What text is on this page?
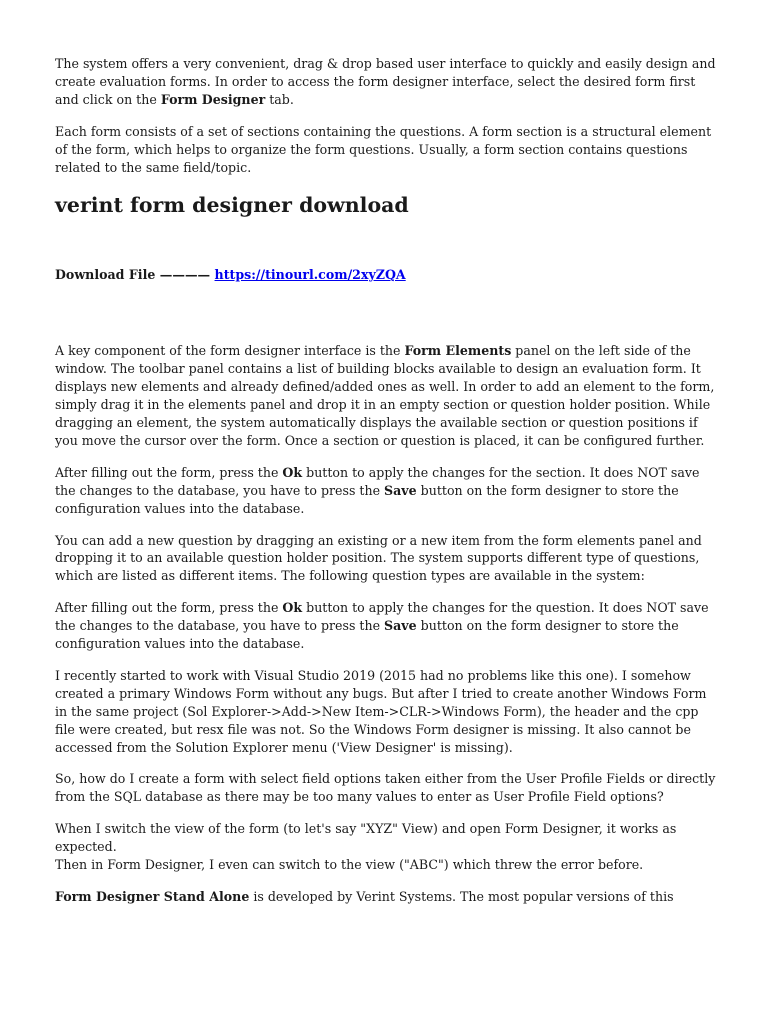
The system offers a very convenient, drag & drop based user interface to quickly and easily design and create evaluation forms. In order to access the form designer interface, select the desired form first and click on the Form Designer tab.

Each form consists of a set of sections containing the questions. A form section is a structural element of the form, which helps to organize the form questions. Usually, a form section contains questions related to the same field/topic.

verint form designer download

Download File ———— https://tinourl.com/2xyZQA

A key component of the form designer interface is the Form Elements panel on the left side of the window. The toolbar panel contains a list of building blocks available to design an evaluation form. It displays new elements and already defined/added ones as well. In order to add an element to the form, simply drag it in the elements panel and drop it in an empty section or question holder position. While dragging an element, the system automatically displays the available section or question positions if you move the cursor over the form. Once a section or question is placed, it can be configured further.

After filling out the form, press the Ok button to apply the changes for the section. It does NOT save the changes to the database, you have to press the Save button on the form designer to store the configuration values into the database.

You can add a new question by dragging an existing or a new item from the form elements panel and dropping it to an available question holder position. The system supports different type of questions, which are listed as different items. The following question types are available in the system:

After filling out the form, press the Ok button to apply the changes for the question. It does NOT save the changes to the database, you have to press the Save button on the form designer to store the configuration values into the database.

I recently started to work with Visual Studio 2019 (2015 had no problems like this one). I somehow created a primary Windows Form without any bugs. But after I tried to create another Windows Form in the same project (Sol Explorer->Add->New Item->CLR->Windows Form), the header and the cpp file were created, but resx file was not. So the Windows Form designer is missing. It also cannot be accessed from the Solution Explorer menu ('View Designer' is missing).

So, how do I create a form with select field options taken either from the User Profile Fields or directly from the SQL database as there may be too many values to enter as User Profile Field options?

When I switch the view of the form (to let's say "XYZ" View) and open Form Designer, it works as expected.
Then in Form Designer, I even can switch to the view ("ABC") which threw the error before.

Form Designer Stand Alone is developed by Verint Systems. The most popular versions of this
